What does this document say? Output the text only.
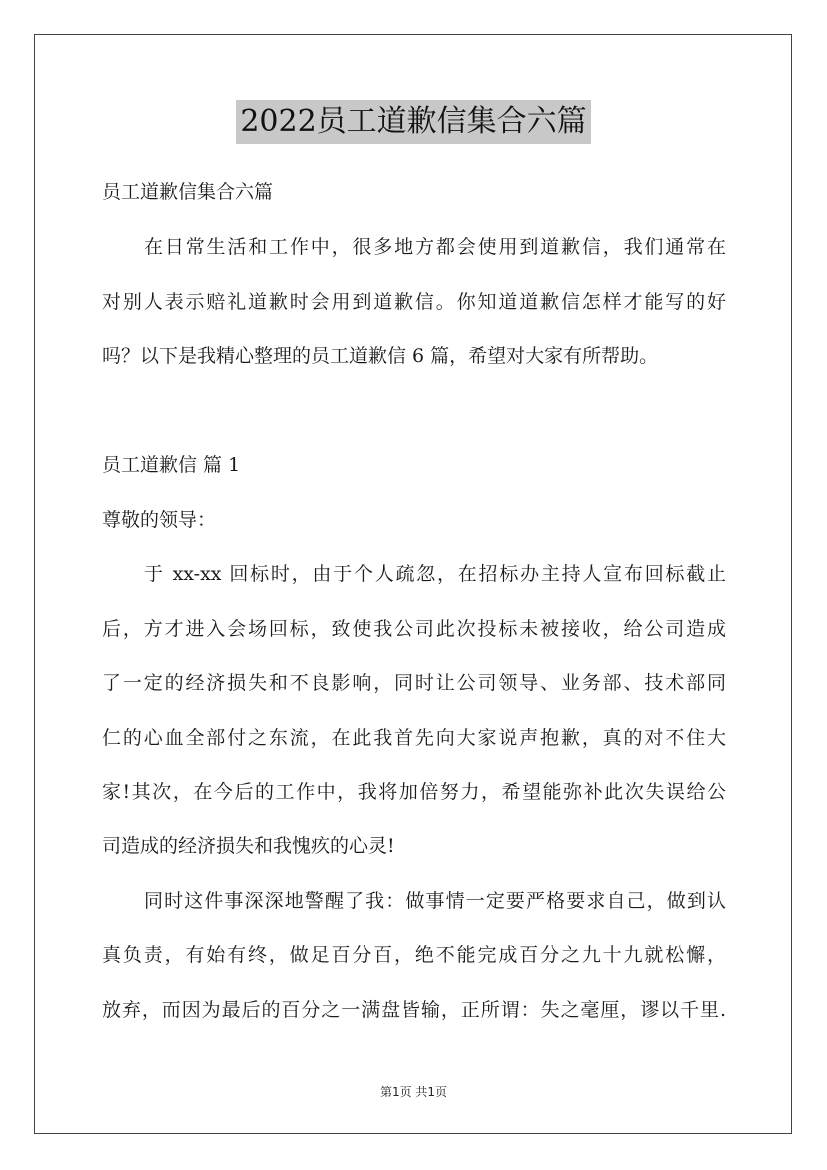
2022员工道歉信集合六篇
员工道歉信集合六篇
在日常生活和工作中，很多地方都会使用到道歉信，我们通常在
对别人表示赔礼道歉时会用到道歉信。你知道道歉信怎样才能写的好
吗？以下是我精心整理的员工道歉信 6 篇，希望对大家有所帮助。
员工道歉信 篇 1
尊敬的领导：
于 xx-xx 回标时，由于个人疏忽，在招标办主持人宣布回标截止
后，方才进入会场回标，致使我公司此次投标未被接收，给公司造成
了一定的经济损失和不良影响，同时让公司领导、业务部、技术部同
仁的心血全部付之东流，在此我首先向大家说声抱歉，真的对不住大
家!其次，在今后的工作中，我将加倍努力，希望能弥补此次失误给公
司造成的经济损失和我愧疚的心灵!
同时这件事深深地警醒了我：做事情一定要严格要求自己，做到认
真负责，有始有终，做足百分百，绝不能完成百分之九十九就松懈，
放弃，而因为最后的百分之一满盘皆输，正所谓：失之毫厘，谬以千里.
第1页 共1页
